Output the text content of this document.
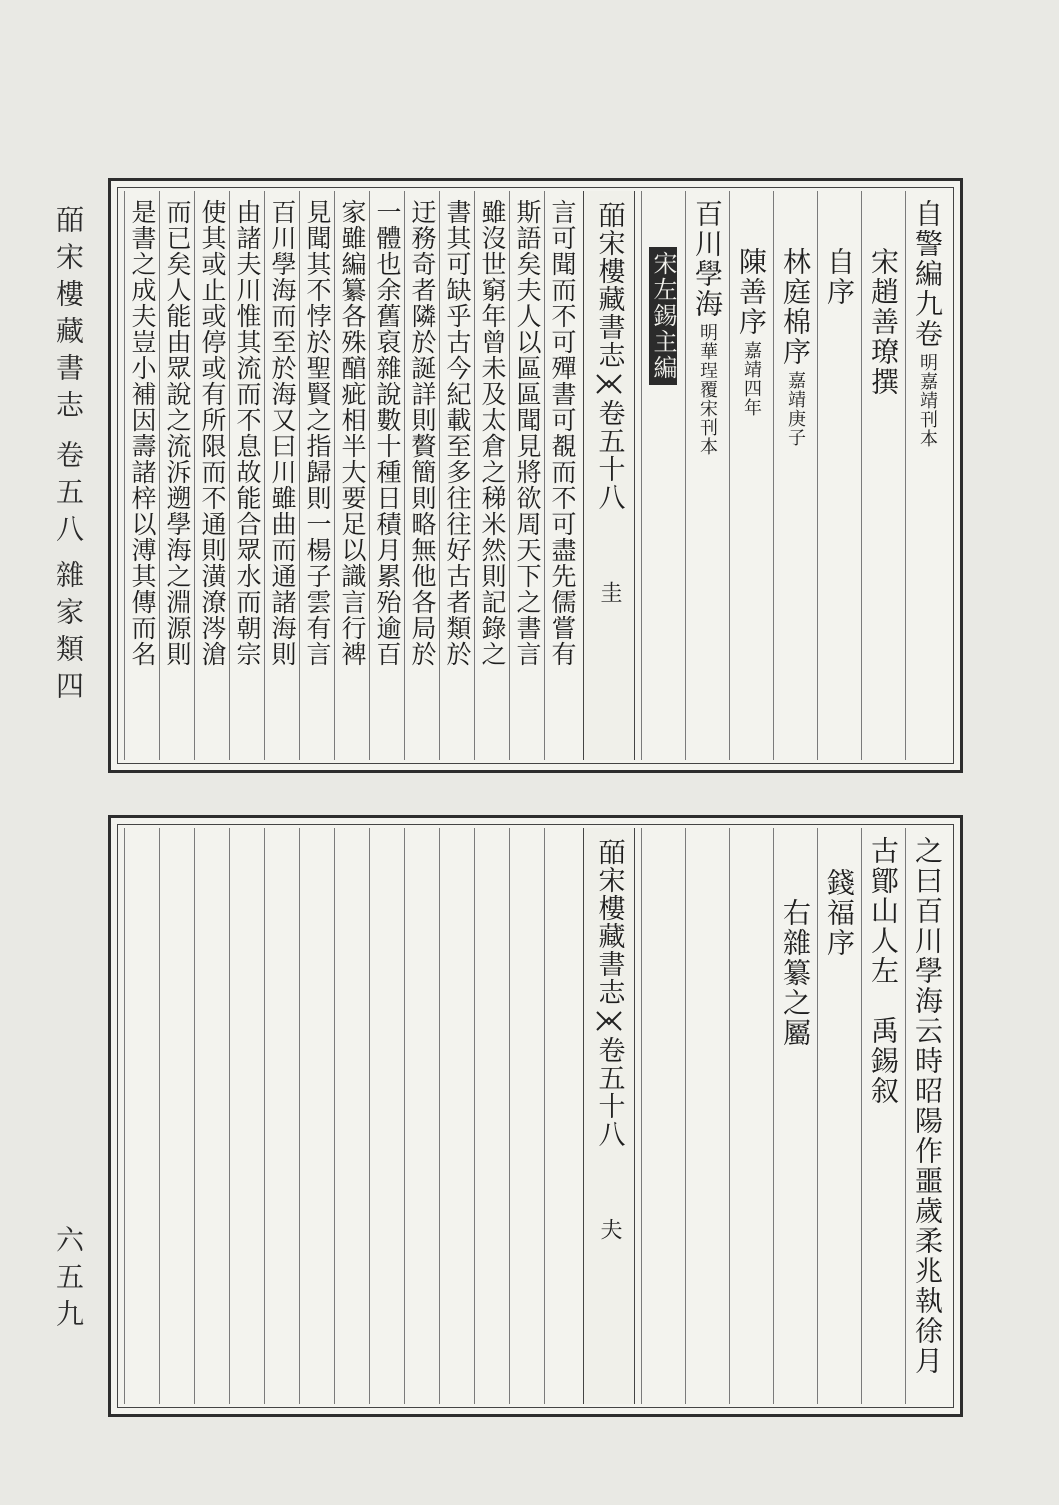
皕宋樓藏書志
卷五八
雜家類四
六五九
自警編九卷明嘉靖刊本
宋趙善璙撰
自序
林庭棉序嘉靖庚子
陳善序嘉靖四年
百川學海明華珵覆宋刊本
宋左錫主編
皕宋樓藏書志
卷五十八
圭
言可聞而不可殫書可覩而不可盡先儒嘗有
斯語矣夫人以區區聞見將欲周天下之書言
雖沒世窮年曾未及太倉之稊米然則記錄之
書其可缺乎古今紀載至多往往好古者類於
迂務奇者隣於誕詳則贅簡則略無他各局於
一體也余舊裒雜說數十種日積月累殆逾百
家雖編纂各殊醕疵相半大要足以識言行裨
見聞其不悖於聖賢之指歸則一楊子雲有言
百川學海而至於海又曰川雖曲而通諸海則
由諸夫川惟其流而不息故能合眾水而朝宗
使其或止或停或有所限而不通則潢潦涔滄
而已矣人能由眾說之流泝遡學海之淵源則
是書之成夫豈小補因壽諸梓以溥其傳而名
之曰百川學海云時昭陽作噩歲柔兆執徐月
古鄮山人左禹錫叙
錢福序
右雜纂之屬
皕宋樓藏書志
卷五十八
夫
